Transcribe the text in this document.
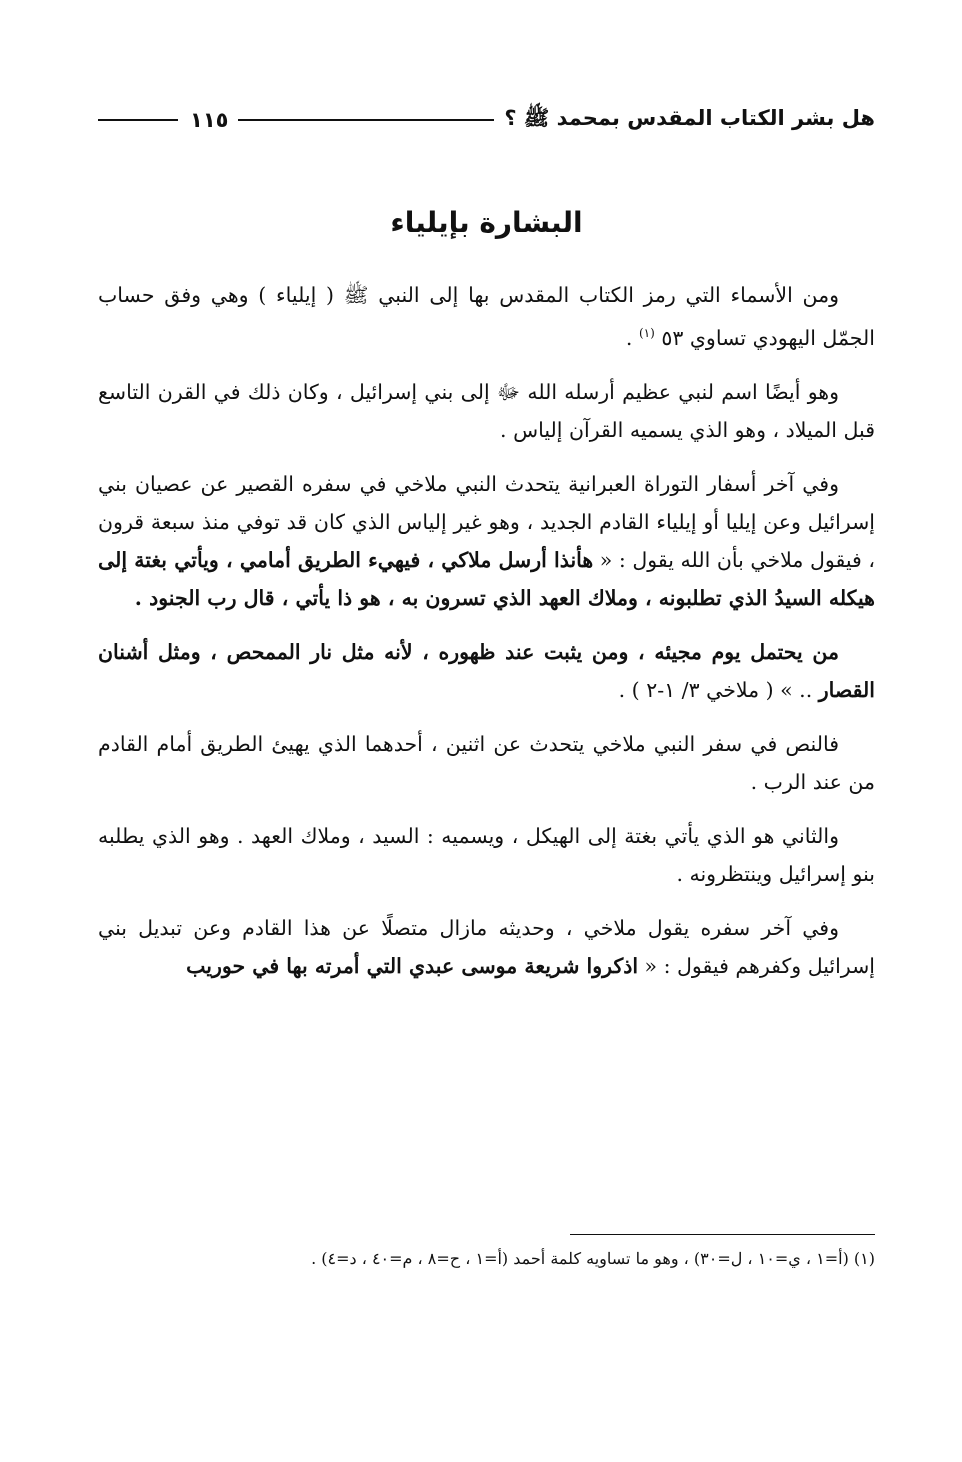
هل بشر الكتاب المقدس بمحمد ﷺ ؟
١١٥
البشارة بإيلياء

ومن الأسماء التي رمز الكتاب المقدس بها إلى النبي ﷺ ( إيلياء ) وهي وفق حساب الجمّل اليهودي تساوي ٥٣ $^{(١)}$ .

وهو أيضًا اسم لنبي عظيم أرسله الله ﷻ إلى بني إسرائيل ، وكان ذلك في القرن التاسع قبل الميلاد ، وهو الذي يسميه القرآن إلياس .

وفي آخر أسفار التوراة العبرانية يتحدث النبي ملاخي في سفره القصير عن عصيان بني إسرائيل وعن إيليا أو إيلياء القادم الجديد ، وهو غير إلياس الذي كان قد توفي منذ سبعة قرون ، فيقول ملاخي بأن الله يقول : « هأنذا أرسل ملاكي ، فيهيء الطريق أمامي ، ويأتي بغتة إلى هيكله السيدُ الذي تطلبونه ، وملاك العهد الذي تسرون به ، هو ذا يأتي ، قال رب الجنود .

من يحتمل يوم مجيئه ، ومن يثبت عند ظهوره ، لأنه مثل نار الممحص ، ومثل أشنان القصار .. » ( ملاخي ٣/ ١-٢ ) .

فالنص في سفر النبي ملاخي يتحدث عن اثنين ، أحدهما الذي يهيئ الطريق أمام القادم من عند الرب .

والثاني هو الذي يأتي بغتة إلى الهيكل ، ويسميه : السيد ، وملاك العهد . وهو الذي يطلبه بنو إسرائيل وينتظرونه .

وفي آخر سفره يقول ملاخي ، وحديثه مازال متصلًا عن هذا القادم وعن تبديل بني إسرائيل وكفرهم فيقول : « اذكروا شريعة موسى عبدي التي أمرته بها في حوريب

(١) (أ=١ ، ي=١٠ ، ل=٣٠) ، وهو ما تساويه كلمة أحمد (أ=١ ، ح=٨ ، م=٤٠ ، د=٤) .
